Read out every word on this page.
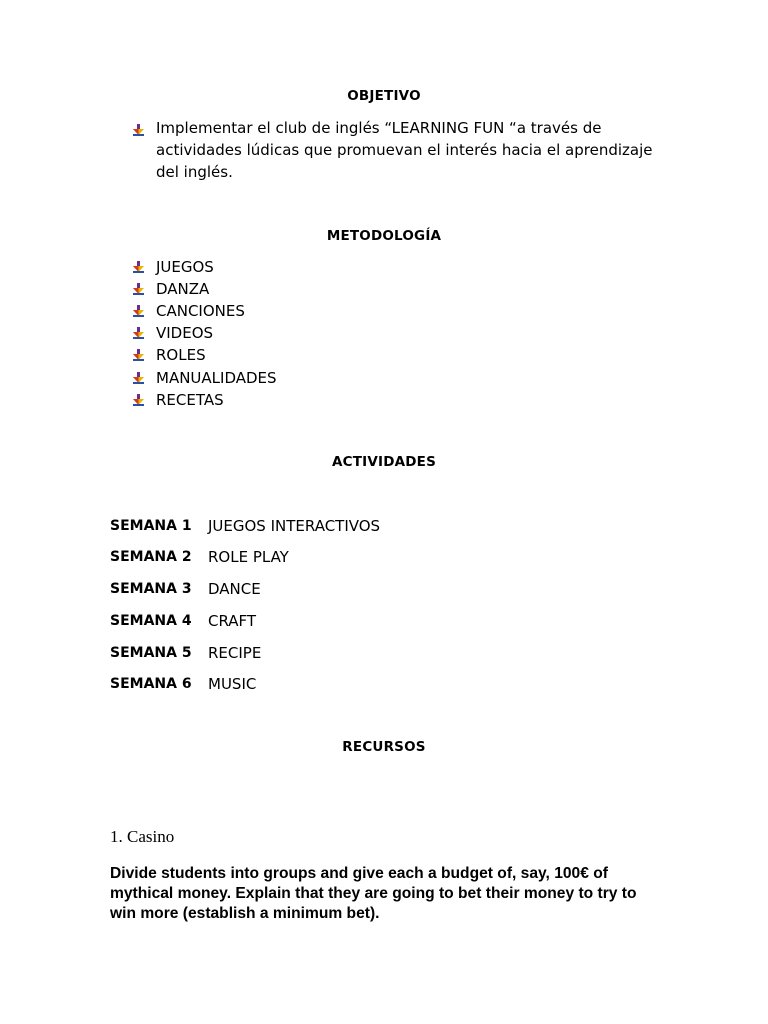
OBJETIVO
Implementar el club de inglés “LEARNING FUN “a través de actividades lúdicas que promuevan el interés hacia el aprendizaje del inglés.
METODOLOGÍA
JUEGOS
DANZA
CANCIONES
VIDEOS
ROLES
MANUALIDADES
RECETAS
ACTIVIDADES
SEMANA 1 JUEGOS INTERACTIVOS
SEMANA 2 ROLE PLAY
SEMANA 3 DANCE
SEMANA 4 CRAFT
SEMANA 5 RECIPE
SEMANA 6 MUSIC
RECURSOS
1. Casino
Divide students into groups and give each a budget of, say, 100€ of mythical money. Explain that they are going to bet their money to try to win more (establish a minimum bet).
